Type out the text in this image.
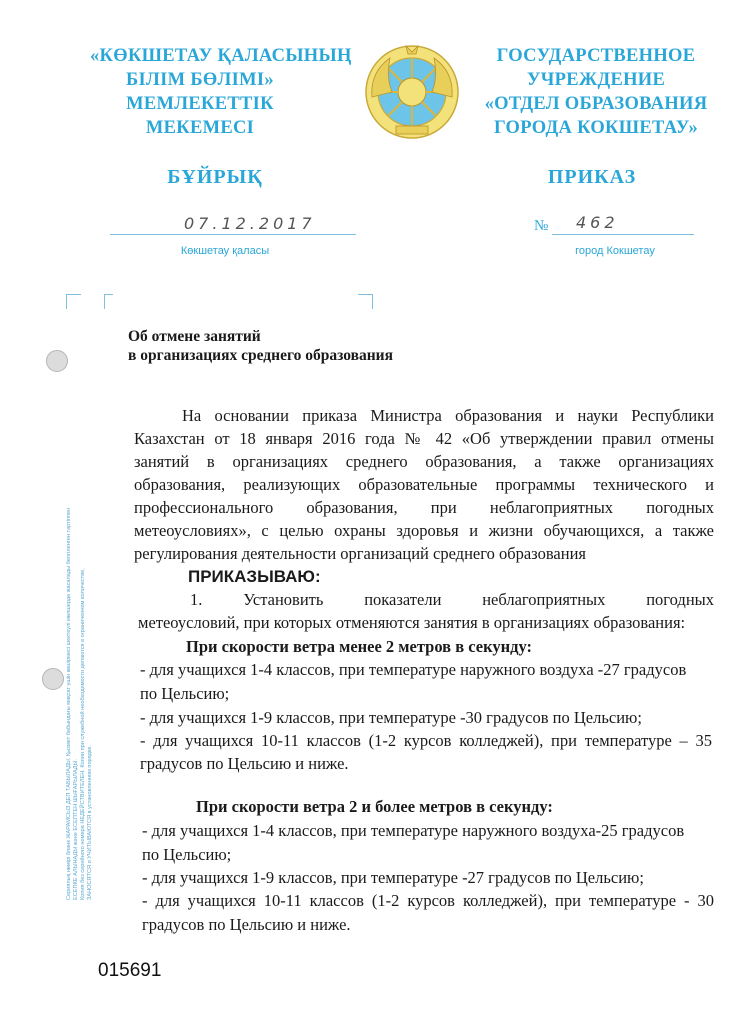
«КӨКШЕТАУ ҚАЛАСЫНЫҢ
БІЛІМ БӨЛІМІ»
МЕМЛЕКЕТТІК
МЕКЕМЕСІ
ГОСУДАРСТВЕННОЕ
УЧРЕЖДЕНИЕ
«ОТДЕЛ ОБРАЗОВАНИЯ
ГОРОДА КОКШЕТАУ»
БҰЙРЫҚ	ПРИКАЗ
07.12.2017
Көкшетау қаласы
№ 462
город Кокшетау
Сериялық нөмірі бланк ЖАРАМСЫЗ ДЕП ТАБЫЛАДЫ. Қызмет бабындағы мақсат үшін көшірмесі шектеулі мөлшерде жасалады белгіленген тәртіппен ЕСЕПКЕ АЛЫНАДЫ және ЕСЕПТЕН ШЫҒАРЫЛАДЫ. Копия без серийного номера НЕДЕЙСТВИТЕЛЕН. Копии при служебной необходимости делаются в ограниченном количестве, ЗАНОСЯТСЯ и УЧИТЫВАЮТСЯ в установленном порядке.
Об отмене занятий
в организациях среднего образования
На основании приказа Министра образования и науки Республики
Казахстан от 18 января 2016 года № 42 «Об утверждении правил отмены
занятий в организациях среднего образования, а также организациях
образования, реализующих образовательные программы технического и
профессионального образования, при неблагоприятных погодных
метеоусловиях», с целью охраны здоровья и жизни обучающихся, а также
регулирования деятельности организаций среднего образования
ПРИКАЗЫВАЮ:
1. Установить показатели неблагоприятных погодных
метеоусловий, при которых отменяются занятия в организациях образования:
При скорости ветра менее 2 метров в секунду:
- для учащихся 1-4 классов, при температуре наружного воздуха -27 градусов
по Цельсию;
- для учащихся 1-9 классов, при температуре -30 градусов по Цельсию;
- для учащихся 10-11 классов (1-2 курсов колледжей), при температуре – 35
градусов по Цельсию и ниже.
При скорости ветра 2 и более метров в секунду:
- для учащихся 1-4 классов, при температуре наружного воздуха-25 градусов
по Цельсию;
- для учащихся 1-9 классов, при температуре -27 градусов по Цельсию;
- для учащихся 10-11 классов (1-2 курсов колледжей), при температуре - 30
градусов по Цельсию и ниже.
015691
